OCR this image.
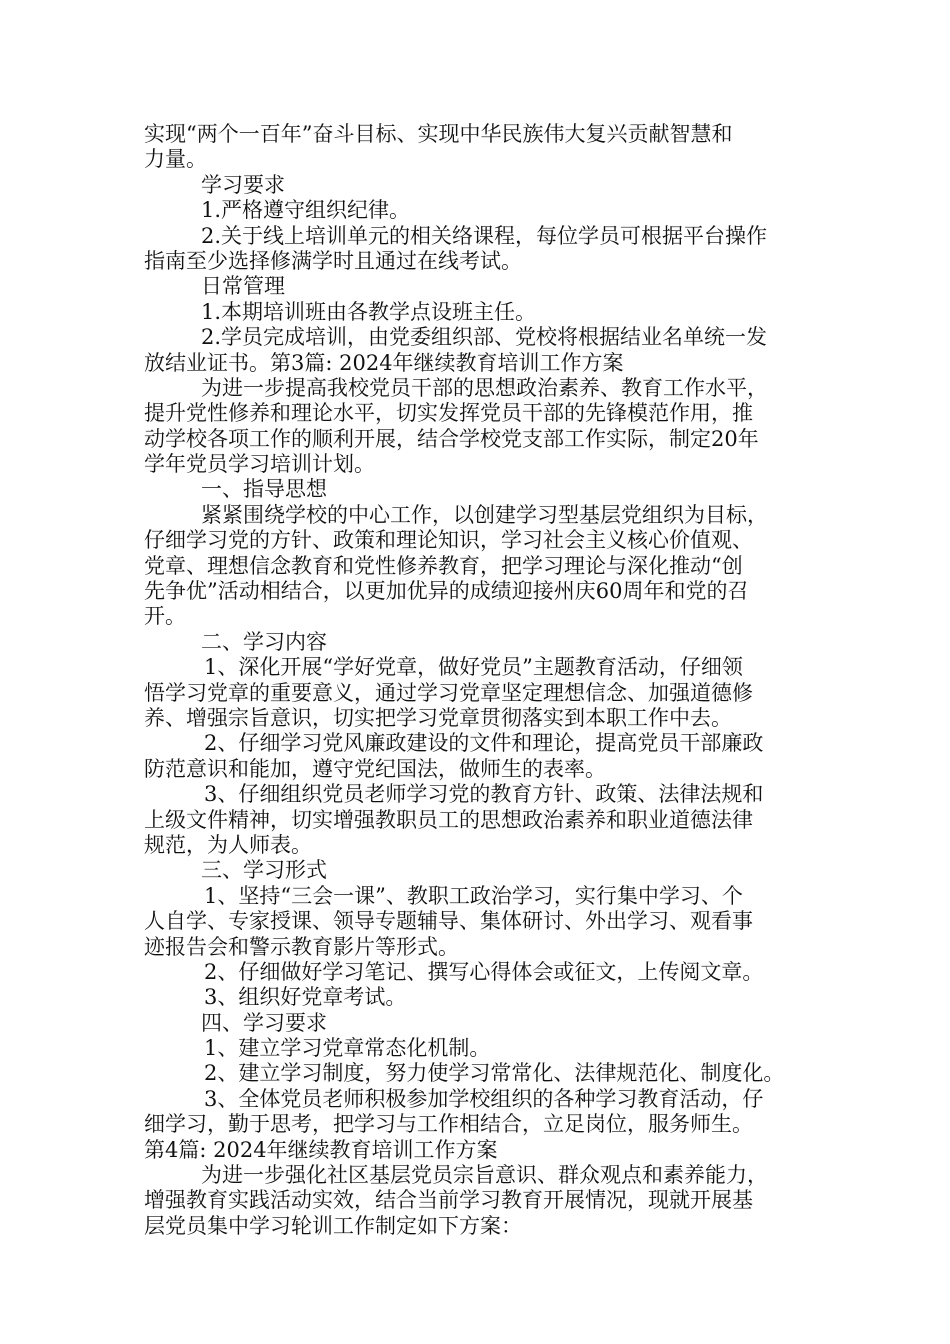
实现“两个一百年”奋斗目标、实现中华民族伟大复兴贡献智慧和
力量。
学习要求
1.严格遵守组织纪律。
2.关于线上培训单元的相关络课程，每位学员可根据平台操作
指南至少选择修满学时且通过在线考试。
日常管理
1.本期培训班由各教学点设班主任。
2.学员完成培训，由党委组织部、党校将根据结业名单统一发
放结业证书。第3篇: 2024年继续教育培训工作方案
为进一步提高我校党员干部的思想政治素养、教育工作水平，
提升党性修养和理论水平，切实发挥党员干部的先锋模范作用，推
动学校各项工作的顺利开展，结合学校党支部工作实际，制定20年
学年党员学习培训计划。
一、指导思想
紧紧围绕学校的中心工作，以创建学习型基层党组织为目标，
仔细学习党的方针、政策和理论知识，学习社会主义核心价值观、
党章、理想信念教育和党性修养教育，把学习理论与深化推动“创
先争优”活动相结合，以更加优异的成绩迎接州庆60周年和党的召
开。
二、学习内容
1、深化开展“学好党章，做好党员”主题教育活动，仔细领
悟学习党章的重要意义，通过学习党章坚定理想信念、加强道德修
养、增强宗旨意识，切实把学习党章贯彻落实到本职工作中去。
2、仔细学习党风廉政建设的文件和理论，提高党员干部廉政
防范意识和能加，遵守党纪国法，做师生的表率。
3、仔细组织党员老师学习党的教育方针、政策、法律法规和
上级文件精神，切实增强教职员工的思想政治素养和职业道德法律
规范，为人师表。
三、学习形式
1、坚持“三会一课”、教职工政治学习，实行集中学习、个
人自学、专家授课、领导专题辅导、集体研讨、外出学习、观看事
迹报告会和警示教育影片等形式。
2、仔细做好学习笔记、撰写心得体会或征文，上传阅文章。
3、组织好党章考试。
四、学习要求
1、建立学习党章常态化机制。
2、建立学习制度，努力使学习常常化、法律规范化、制度化。
3、全体党员老师积极参加学校组织的各种学习教育活动，仔
细学习，勤于思考，把学习与工作相结合，立足岗位，服务师生。
第4篇: 2024年继续教育培训工作方案
为进一步强化社区基层党员宗旨意识、群众观点和素养能力，
增强教育实践活动实效，结合当前学习教育开展情况，现就开展基
层党员集中学习轮训工作制定如下方案：
